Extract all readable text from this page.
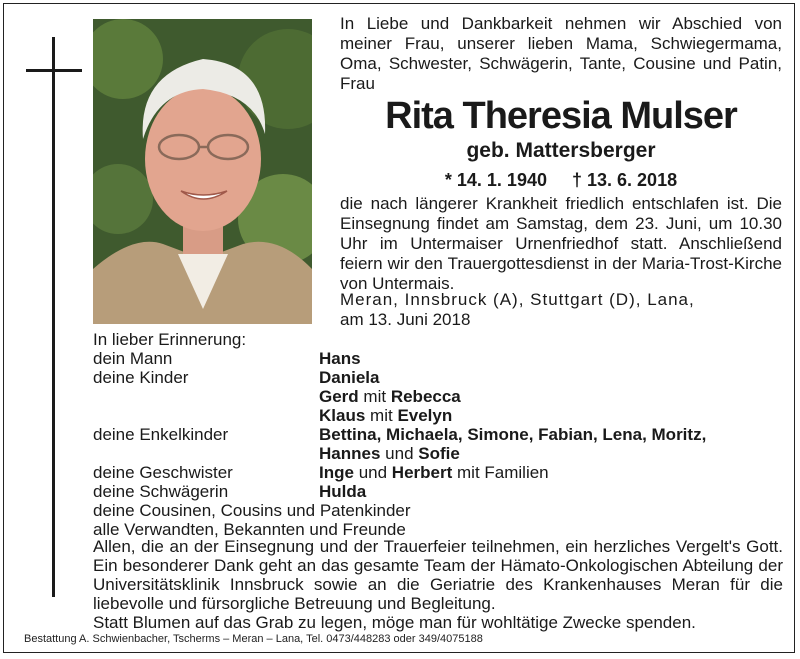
In Liebe und Dankbarkeit nehmen wir Abschied von meiner Frau, unserer lieben Mama, Schwiegermama, Oma, Schwester, Schwägerin, Tante, Cousine und Patin, Frau
Rita Theresia Mulser
geb. Mattersberger
* 14. 1. 1940 † 13. 6. 2018
die nach längerer Krankheit friedlich entschlafen ist. Die Einsegnung findet am Samstag, dem 23. Juni, um 10.30 Uhr im Untermaiser Urnenfriedhof statt. Anschließend feiern wir den Trauergottesdienst in der Maria-Trost-Kirche von Untermais.
Meran, Innsbruck (A), Stuttgart (D), Lana,
am 13. Juni 2018
In lieber Erinnerung:
dein Mann	Hans
deine Kinder	Daniela
Gerd mit Rebecca
Klaus mit Evelyn
deine Enkelkinder	Bettina, Michaela, Simone, Fabian, Lena, Moritz,
Hannes und Sofie
deine Geschwister	Inge und Herbert mit Familien
deine Schwägerin	Hulda
deine Cousinen, Cousins und Patenkinder
alle Verwandten, Bekannten und Freunde
Allen, die an der Einsegnung und der Trauerfeier teilnehmen, ein herzliches Vergelt's Gott. Ein besonderer Dank geht an das gesamte Team der Hämato-Onkologischen Abteilung der Universitätsklinik Innsbruck sowie an die Geriatrie des Krankenhauses Meran für die liebevolle und fürsorgliche Betreuung und Begleitung.
Statt Blumen auf das Grab zu legen, möge man für wohltätige Zwecke spenden.
Bestattung A. Schwienbacher, Tscherms – Meran – Lana, Tel. 0473/448283 oder 349/4075188
